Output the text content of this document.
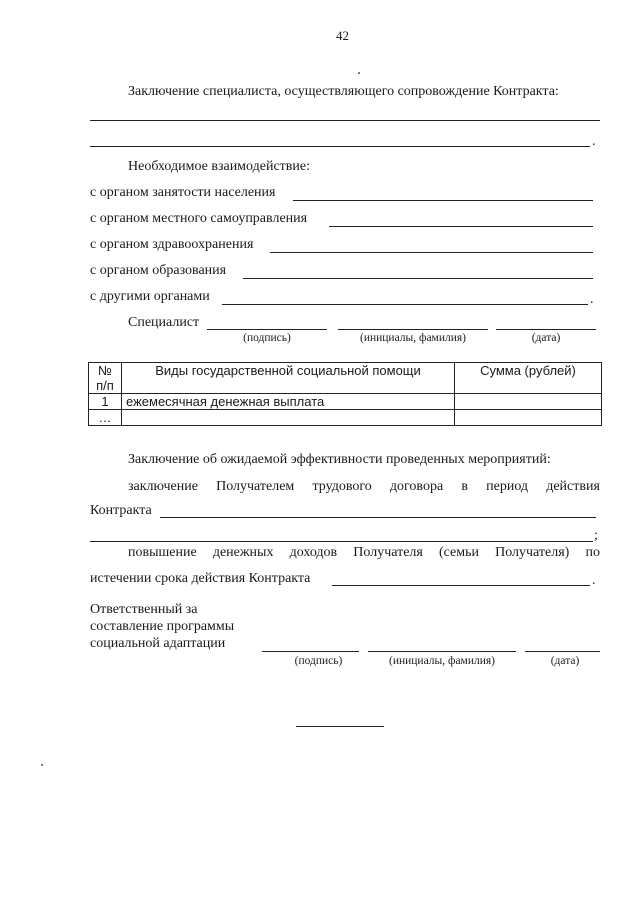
42
Заключение специалиста, осуществляющего сопровождение Контракта:
.
Необходимое взаимодействие:
с органом занятости населения
с органом местного самоуправления
с органом здравоохранения
с органом образования
с другими органами	.
Специалист
(подпись)	(инициалы, фамилия)	(дата)
№ п/п	Виды государственной социальной помощи	Сумма (рублей)
1	ежемесячная денежная выплата	
…		
Заключение об ожидаемой эффективности проведенных мероприятий:
заключение Получателем трудового договора в период действия
Контракта
;
повышение денежных доходов Получателя (семьи Получателя) по
истечении срока действия Контракта	.
Ответственный за
составление программы
социальной адаптации
(подпись)	(инициалы, фамилия)	(дата)
